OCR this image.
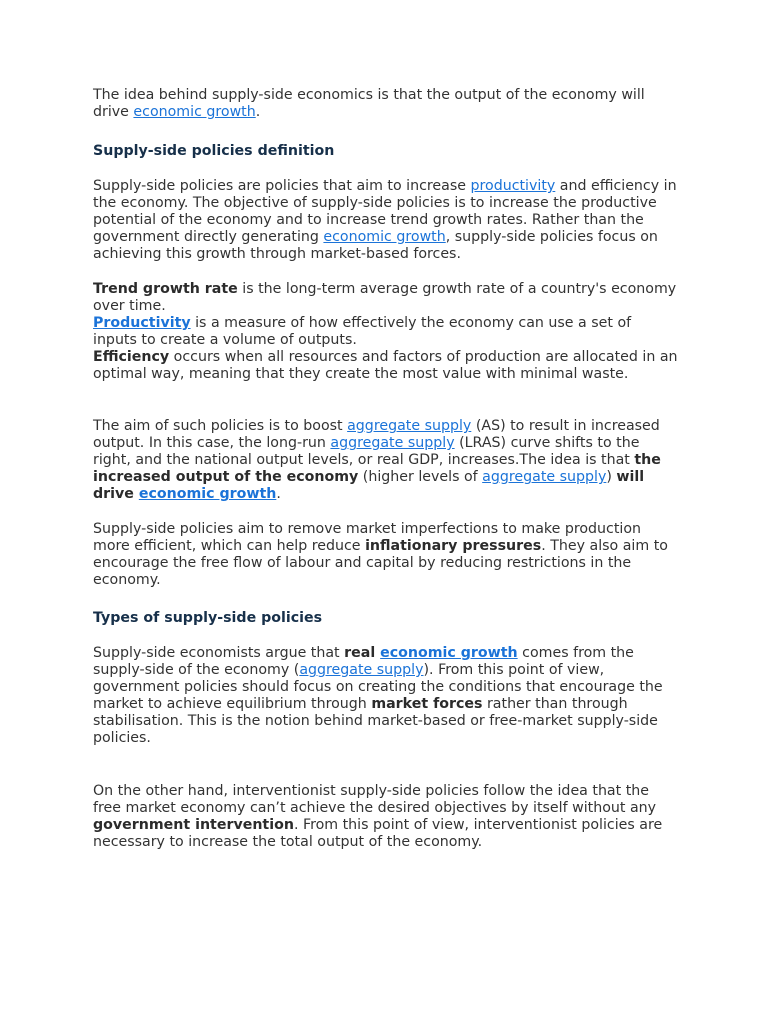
The idea behind supply-side economics is that the output of the economy will drive economic growth.

Supply-side policies definition

Supply-side policies are policies that aim to increase productivity and efficiency in the economy. The objective of supply-side policies is to increase the productive potential of the economy and to increase trend growth rates. Rather than the government directly generating economic growth, supply-side policies focus on achieving this growth through market-based forces.

Trend growth rate is the long-term average growth rate of a country's economy over time.

Productivity is a measure of how effectively the economy can use a set of inputs to create a volume of outputs.

Efficiency occurs when all resources and factors of production are allocated in an optimal way, meaning that they create the most value with minimal waste.

The aim of such policies is to boost aggregate supply (AS) to result in increased output. In this case, the long-run aggregate supply (LRAS) curve shifts to the right, and the national output levels, or real GDP, increases.The idea is that the increased output of the economy (higher levels of aggregate supply) will drive economic growth.

Supply-side policies aim to remove market imperfections to make production more efficient, which can help reduce inflationary pressures. They also aim to encourage the free flow of labour and capital by reducing restrictions in the economy.

Types of supply-side policies

Supply-side economists argue that real economic growth comes from the supply-side of the economy (aggregate supply). From this point of view, government policies should focus on creating the conditions that encourage the market to achieve equilibrium through market forces rather than through stabilisation. This is the notion behind market-based or free-market supply-side policies.

On the other hand, interventionist supply-side policies follow the idea that the free market economy can’t achieve the desired objectives by itself without any government intervention. From this point of view, interventionist policies are necessary to increase the total output of the economy.
